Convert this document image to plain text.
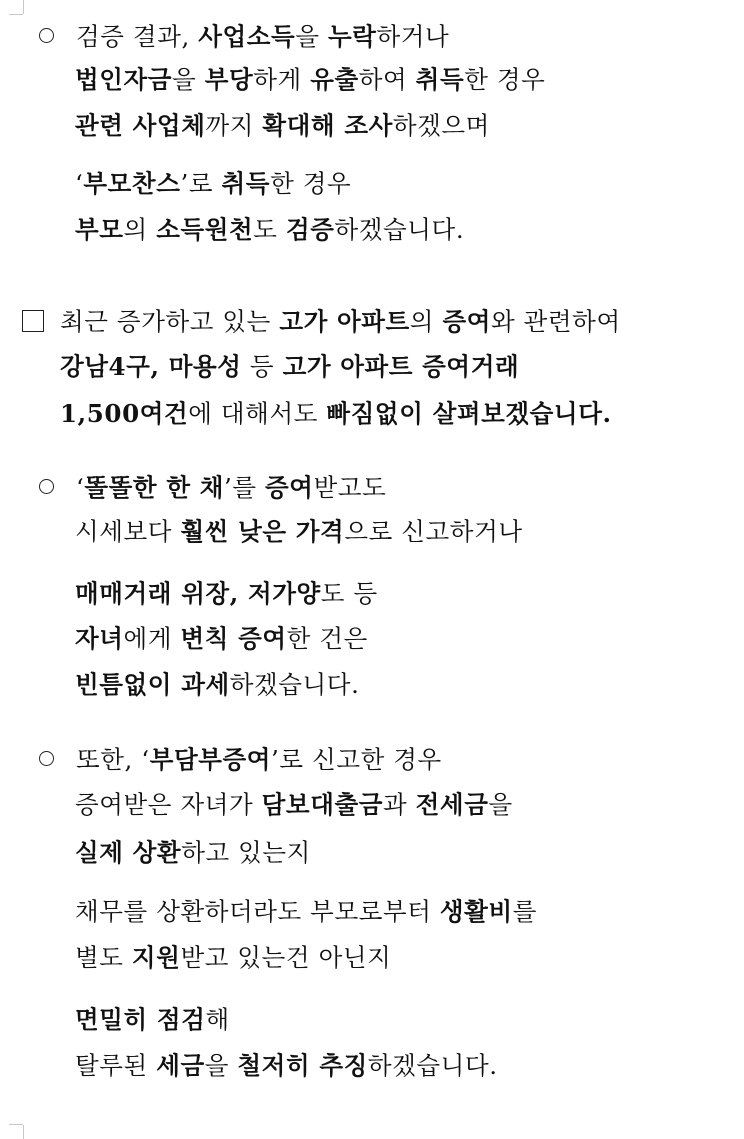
검증 결과, 사업소득을 누락하거나
법인자금을 부당하게 유출하여 취득한 경우
관련 사업체까지 확대해 조사하겠으며
‘부모찬스’로 취득한 경우
부모의 소득원천도 검증하겠습니다.
최근 증가하고 있는 고가 아파트의 증여와 관련하여
강남4구, 마용성 등 고가 아파트 증여거래
1,500여건에 대해서도 빠짐없이 살펴보겠습니다.
‘똘똘한 한 채’를 증여받고도
시세보다 훨씬 낮은 가격으로 신고하거나
매매거래 위장, 저가양도 등
자녀에게 변칙 증여한 건은
빈틈없이 과세하겠습니다.
또한, ‘부담부증여’로 신고한 경우
증여받은 자녀가 담보대출금과 전세금을
실제 상환하고 있는지
채무를 상환하더라도 부모로부터 생활비를
별도 지원받고 있는건 아닌지
면밀히 점검해
탈루된 세금을 철저히 추징하겠습니다.
